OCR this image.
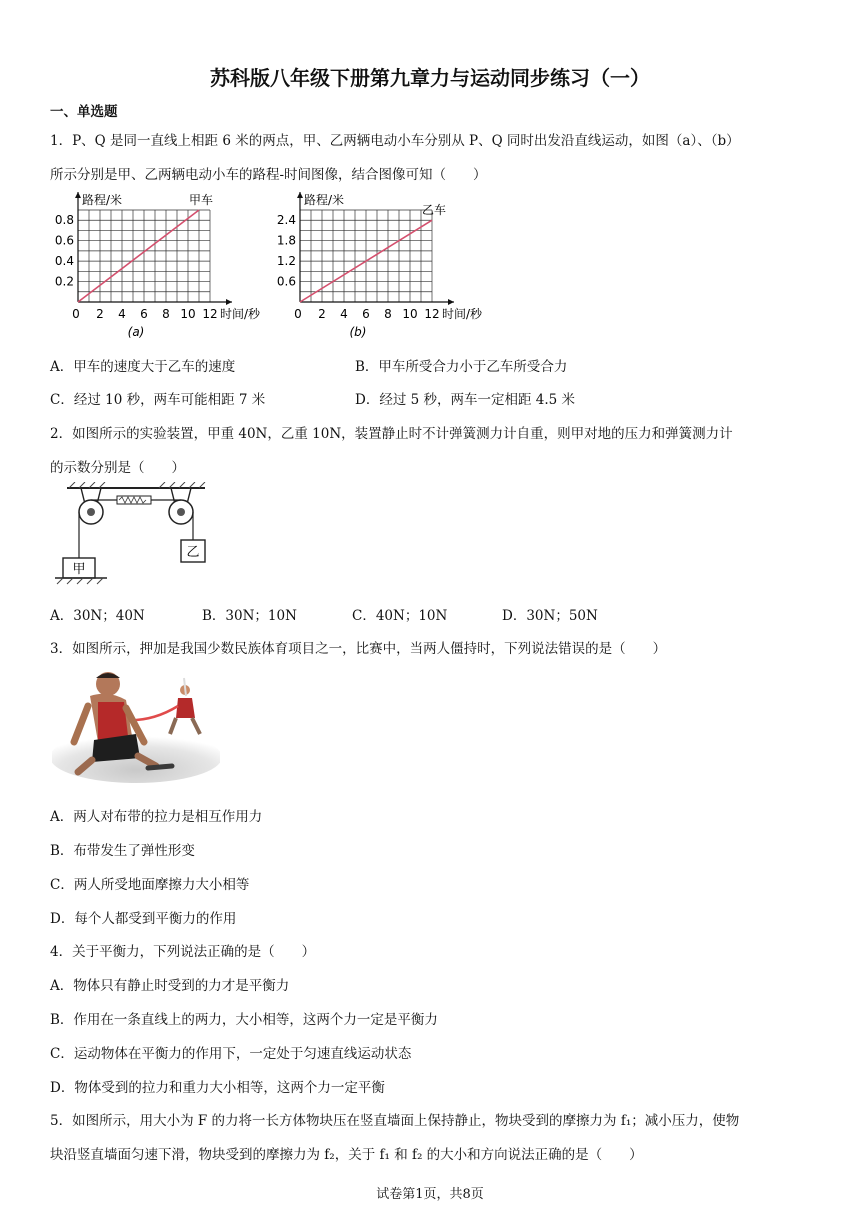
苏科版八年级下册第九章力与运动同步练习（一）
一、单选题
1．P、Q 是同一直线上相距 6 米的两点，甲、乙两辆电动小车分别从 P、Q 同时出发沿直线运动，如图（a）、（b）
所示分别是甲、乙两辆电动小车的路程-时间图像，结合图像可知（　　）
路程/米
时间/秒
0 2 4 6 8 10 12
0.2
0.4
0.6
0.8
甲车
(a)
路程/米
时间/秒
0 2 4 6 8 10 12
0.6
1.2
1.8
2.4
乙车
(b)
A．甲车的速度大于乙车的速度	B．甲车所受合力小于乙车所受合力
C．经过 10 秒，两车可能相距 7 米	D．经过 5 秒，两车一定相距 4.5 米
2．如图所示的实验装置，甲重 40N，乙重 10N，装置静止时不计弹簧测力计自重，则甲对地的压力和弹簧测力计
的示数分别是（　　）
甲
乙
A．30N；40N	B．30N；10N	C．40N；10N	D．30N；50N
3．如图所示，押加是我国少数民族体育项目之一，比赛中，当两人僵持时，下列说法错误的是（　　）
A．两人对布带的拉力是相互作用力
B．布带发生了弹性形变
C．两人所受地面摩擦力大小相等
D．每个人都受到平衡力的作用
4．关于平衡力，下列说法正确的是（　　）
A．物体只有静止时受到的力才是平衡力
B．作用在一条直线上的两力，大小相等，这两个力一定是平衡力
C．运动物体在平衡力的作用下，一定处于匀速直线运动状态
D．物体受到的拉力和重力大小相等，这两个力一定平衡
5．如图所示，用大小为 F 的力将一长方体物块压在竖直墙面上保持静止，物块受到的摩擦力为 f₁；减小压力，使物
块沿竖直墙面匀速下滑，物块受到的摩擦力为 f₂，关于 f₁ 和 f₂ 的大小和方向说法正确的是（　　）
试卷第1页，共8页
